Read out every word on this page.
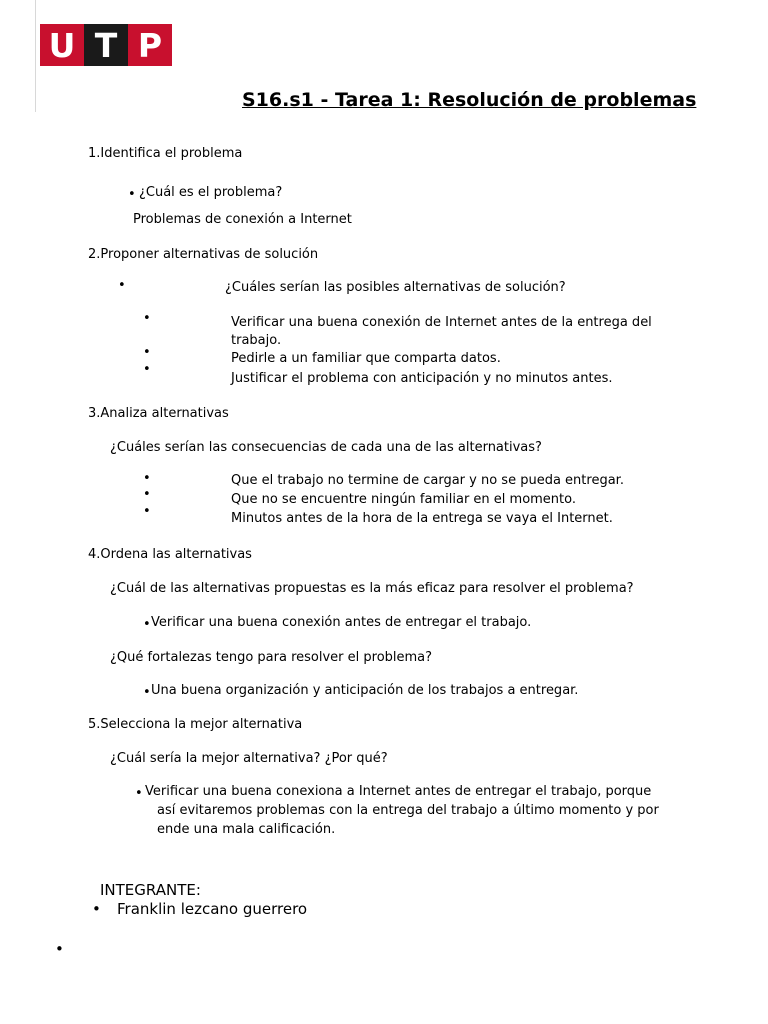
U T P
S16.s1 - Tarea 1: Resolución de problemas
1.Identifica el problema
• ¿Cuál es el problema?
Problemas de conexión a Internet
2.Proponer alternativas de solución
•	¿Cuáles serían las posibles alternativas de solución?
•
•
•
Verificar una buena conexión de Internet antes de la entrega del
trabajo.
Pedirle a un familiar que comparta datos.
Justificar el problema con anticipación y no minutos antes.
3.Analiza alternativas
¿Cuáles serían las consecuencias de cada una de las alternativas?
•
•
•
Que el trabajo no termine de cargar y no se pueda entregar.
Que no se encuentre ningún familiar en el momento.
Minutos antes de la hora de la entrega se vaya el Internet.
4.Ordena las alternativas
¿Cuál de las alternativas propuestas es la más eficaz para resolver el problema?
• Verificar una buena conexión antes de entregar el trabajo.
¿Qué fortalezas tengo para resolver el problema?
• Una buena organización y anticipación de los trabajos a entregar.
5.Selecciona la mejor alternativa
¿Cuál sería la mejor alternativa? ¿Por qué?
• Verificar una buena conexiona a Internet antes de entregar el trabajo, porque
así evitaremos problemas con la entrega del trabajo a último momento y por
ende una mala calificación.
INTEGRANTE:
• Franklin lezcano guerrero
•
